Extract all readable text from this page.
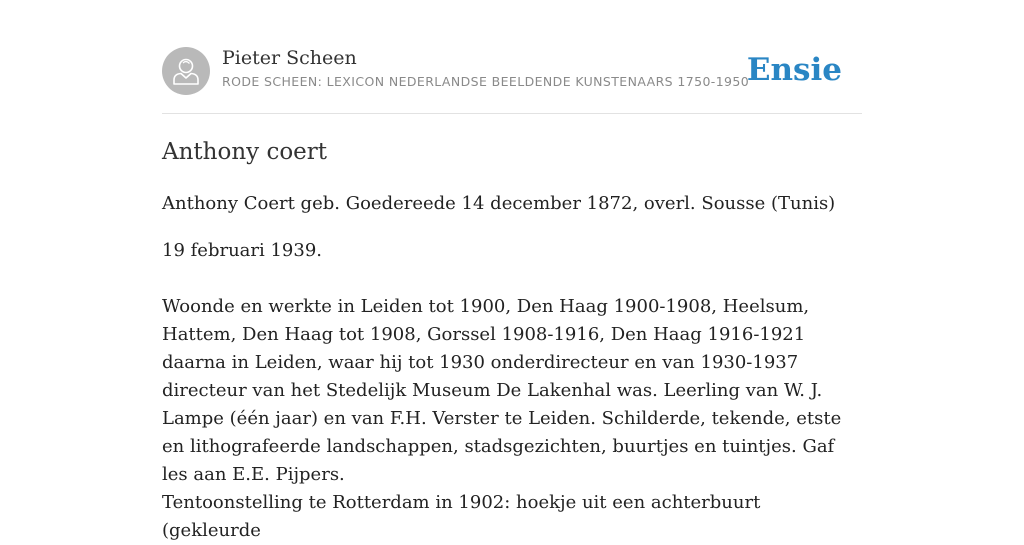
Pieter Scheen
RODE SCHEEN: LEXICON NEDERLANDSE BEELDENDE KUNSTENAARS 1750-1950
Ensie
Anthony coert

Anthony Coert geb. Goedereede 14 december 1872, overl. Sousse (Tunis)

19 februari 1939.

Woonde en werkte in Leiden tot 1900, Den Haag 1900-1908, Heelsum, Hattem, Den Haag tot 1908, Gorssel 1908-1916, Den Haag 1916-1921 daarna in Leiden, waar hij tot 1930 onderdirecteur en van 1930-1937 directeur van het Stedelijk Museum De Lakenhal was. Leerling van W. J. Lampe (één jaar) en van F.H. Verster te Leiden. Schilderde, tekende, etste en lithografeerde landschappen, stadsgezichten, buurtjes en tuintjes. Gaf les aan E.E. Pijpers.

Tentoonstelling te Rotterdam in 1902: hoekje uit een achterbuurt (gekleurde
